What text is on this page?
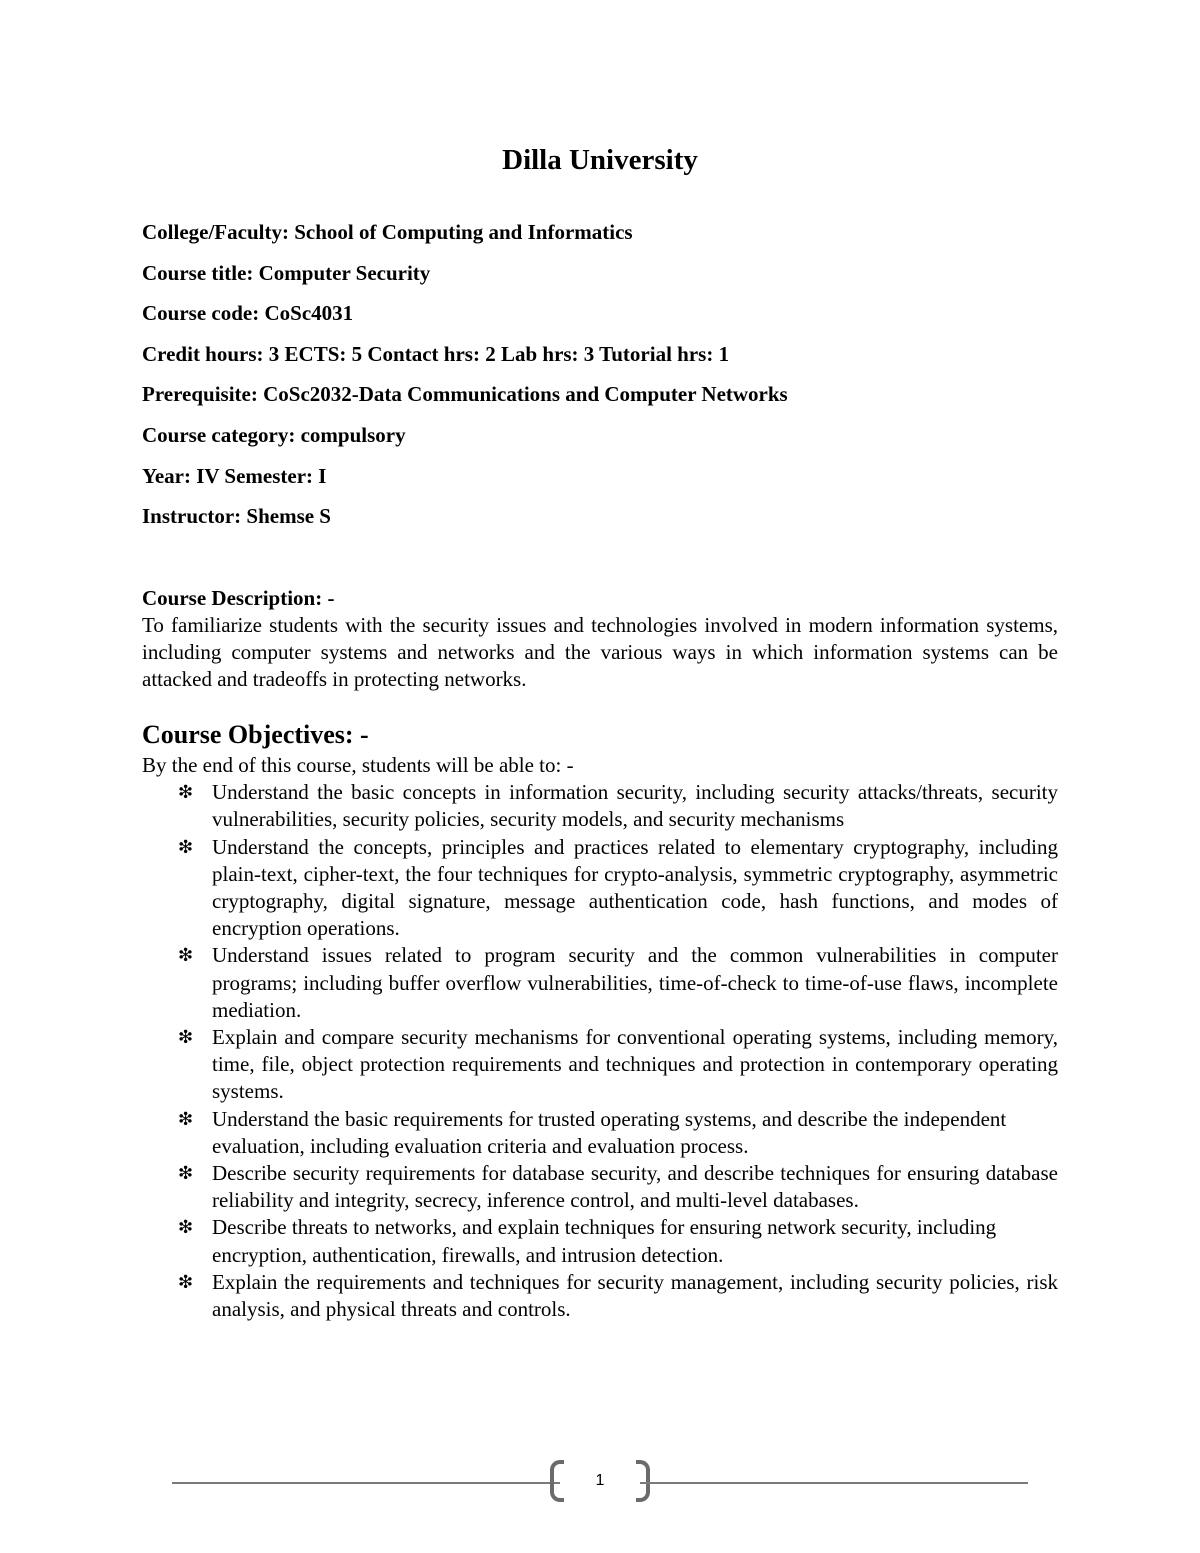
Dilla University
College/Faculty: School of Computing and Informatics
Course title: Computer Security
Course code: CoSc4031
Credit hours: 3 ECTS: 5 Contact hrs: 2 Lab hrs: 3 Tutorial hrs: 1
Prerequisite: CoSc2032-Data Communications and Computer Networks
Course category: compulsory
Year: IV Semester: I
Instructor: Shemse S
Course Description: -
To familiarize students with the security issues and technologies involved in modern information systems, including computer systems and networks and the various ways in which information systems can be attacked and tradeoffs in protecting networks.
Course Objectives: -
By the end of this course, students will be able to: -
❇ Understand the basic concepts in information security, including security attacks/threats, security vulnerabilities, security policies, security models, and security mechanisms
❇ Understand the concepts, principles and practices related to elementary cryptography, including plain-text, cipher-text, the four techniques for crypto-analysis, symmetric cryptography, asymmetric cryptography, digital signature, message authentication code, hash functions, and modes of encryption operations.
❇ Understand issues related to program security and the common vulnerabilities in computer programs; including buffer overflow vulnerabilities, time-of-check to time-of-use flaws, incomplete mediation.
❇ Explain and compare security mechanisms for conventional operating systems, including memory, time, file, object protection requirements and techniques and protection in contemporary operating systems.
❇ Understand the basic requirements for trusted operating systems, and describe the independent
evaluation, including evaluation criteria and evaluation process.
❇ Describe security requirements for database security, and describe techniques for ensuring database reliability and integrity, secrecy, inference control, and multi-level databases.
❇ Describe threats to networks, and explain techniques for ensuring network security, including
encryption, authentication, firewalls, and intrusion detection.
❇ Explain the requirements and techniques for security management, including security policies, risk analysis, and physical threats and controls.
1
